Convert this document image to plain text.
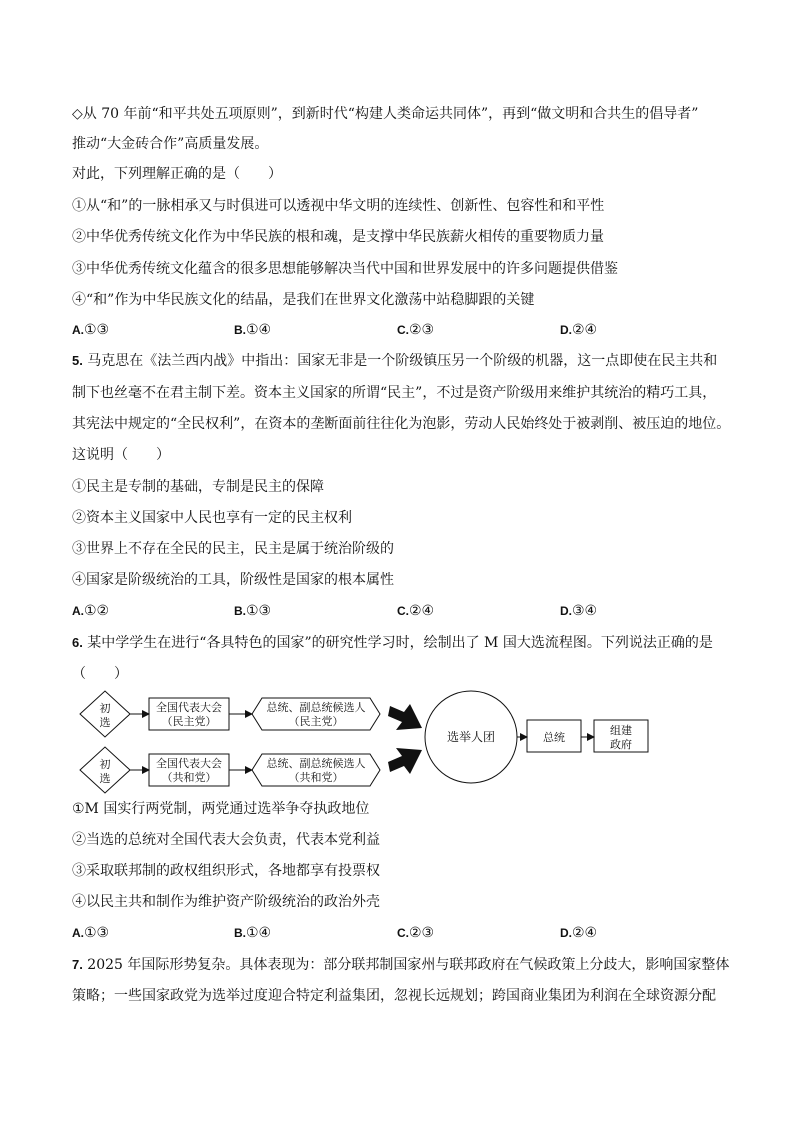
◇从 70 年前“和平共处五项原则”，到新时代“构建人类命运共同体”，再到“做文明和合共生的倡导者”
推动“大金砖合作”高质量发展。
对此，下列理解正确的是（　　）
①从“和”的一脉相承又与时俱进可以透视中华文明的连续性、创新性、包容性和和平性
②中华优秀传统文化作为中华民族的根和魂，是支撑中华民族薪火相传的重要物质力量
③中华优秀传统文化蕴含的很多思想能够解决当代中国和世界发展中的许多问题提供借鉴
④“和”作为中华民族文化的结晶，是我们在世界文化激荡中站稳脚跟的关键
A.①③	B.①④	C.②③	D.②④
5. 马克思在《法兰西内战》中指出：国家无非是一个阶级镇压另一个阶级的机器，这一点即使在民主共和
制下也丝毫不在君主制下差。资本主义国家的所谓“民主”，不过是资产阶级用来维护其统治的精巧工具，
其宪法中规定的“全民权利”，在资本的垄断面前往往化为泡影，劳动人民始终处于被剥削、被压迫的地位。
这说明（　　）
①民主是专制的基础，专制是民主的保障
②资本主义国家中人民也享有一定的民主权利
③世界上不存在全民的民主，民主是属于统治阶级的
④国家是阶级统治的工具，阶级性是国家的根本属性
A.①②	B.①③	C.②④	D.③④
6. 某中学学生在进行“各具特色的国家”的研究性学习时，绘制出了 M 国大选流程图。下列说法正确的是
（　　）
初
选
全国代表大会
（民主党）
总统、副总统候选人
（民主党）
初
选
全国代表大会
（共和党）
总统、副总统候选人
（共和党）
选举人团	总统
组建
政府
①M 国实行两党制，两党通过选举争夺执政地位
②当选的总统对全国代表大会负责，代表本党利益
③采取联邦制的政权组织形式，各地都享有投票权
④以民主共和制作为维护资产阶级统治的政治外壳
A.①③	B.①④	C.②③	D.②④
7. 2025 年国际形势复杂。具体表现为：部分联邦制国家州与联邦政府在气候政策上分歧大，影响国家整体
策略；一些国家政党为选举过度迎合特定利益集团，忽视长远规划；跨国商业集团为利润在全球资源分配
